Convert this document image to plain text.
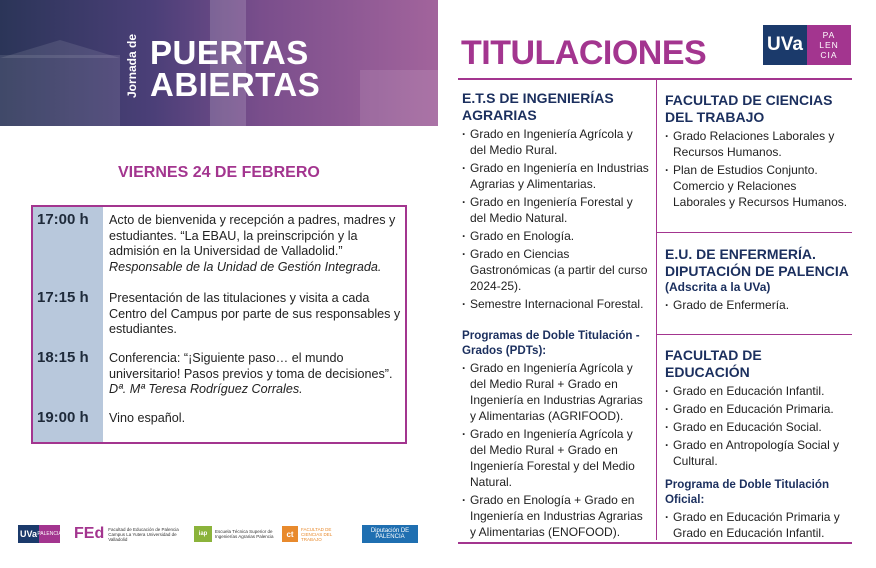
Jornada de PUERTAS
ABIERTAS
VIERNES 24 DE FEBRERO
17:00 h Acto de bienvenida y recepción a padres, madres y estudiantes. “La EBAU, la preinscripción y la admisión en la Universidad de Valladolid.” Responsable de la Unidad de Gestión Integrada.
17:15 h Presentación de las titulaciones y visita a cada Centro del Campus por parte de sus responsables y estudiantes.
18:15 h Conferencia: “¡Siguiente paso… el mundo universitario! Pasos previos y toma de decisiones”. Dª. Mª Teresa Rodríguez Corrales.
19:00 h Vino español.
UVa PALENCIA FEd Facultad de Educación de Palencia Campus La Yutera Universidad de Valladolid
iap	Escuela Técnica Superior de Ingenierías Agrarias Palencia	ct
FACULTAD DE CIENCIAS DEL TRABAJO
Diputación DE PALENCIA
TITULACIONES	UVa	PA
LEN
CIA
E.T.S DE INGENIERÍAS AGRARIAS
· Grado en Ingeniería Agrícola y del Medio Rural.
· Grado en Ingeniería en Industrias Agrarias y Alimentarias.
· Grado en Ingeniería Forestal y del Medio Natural.
· Grado en Enología.
· Grado en Ciencias Gastronómicas (a partir del curso 2024-25).
· Semestre Internacional Forestal.
Programas de Doble Titulación - Grados (PDTs):
· Grado en Ingeniería Agrícola y del Medio Rural + Grado en Ingeniería en Industrias Agrarias y Alimentarias (AGRIFOOD).
· Grado en Ingeniería Agrícola y del Medio Rural + Grado en Ingeniería Forestal y del Medio Natural.
· Grado en Enología + Grado en Ingeniería en Industrias Agrarias y Alimentarias (ENOFOOD).
FACULTAD DE CIENCIAS DEL TRABAJO
· Grado Relaciones Laborales y Recursos Humanos.
· Plan de Estudios Conjunto. Comercio y Relaciones Laborales y Recursos Humanos.
E.U. DE ENFERMERÍA. DIPUTACIÓN DE PALENCIA
(Adscrita a la UVa)
· Grado de Enfermería.
FACULTAD DE EDUCACIÓN
· Grado en Educación Infantil.
· Grado en Educación Primaria.
· Grado en Educación Social.
· Grado en Antropología Social y Cultural.
Programa de Doble Titulación Oficial:
· Grado en Educación Primaria y Grado en Educación Infantil.
